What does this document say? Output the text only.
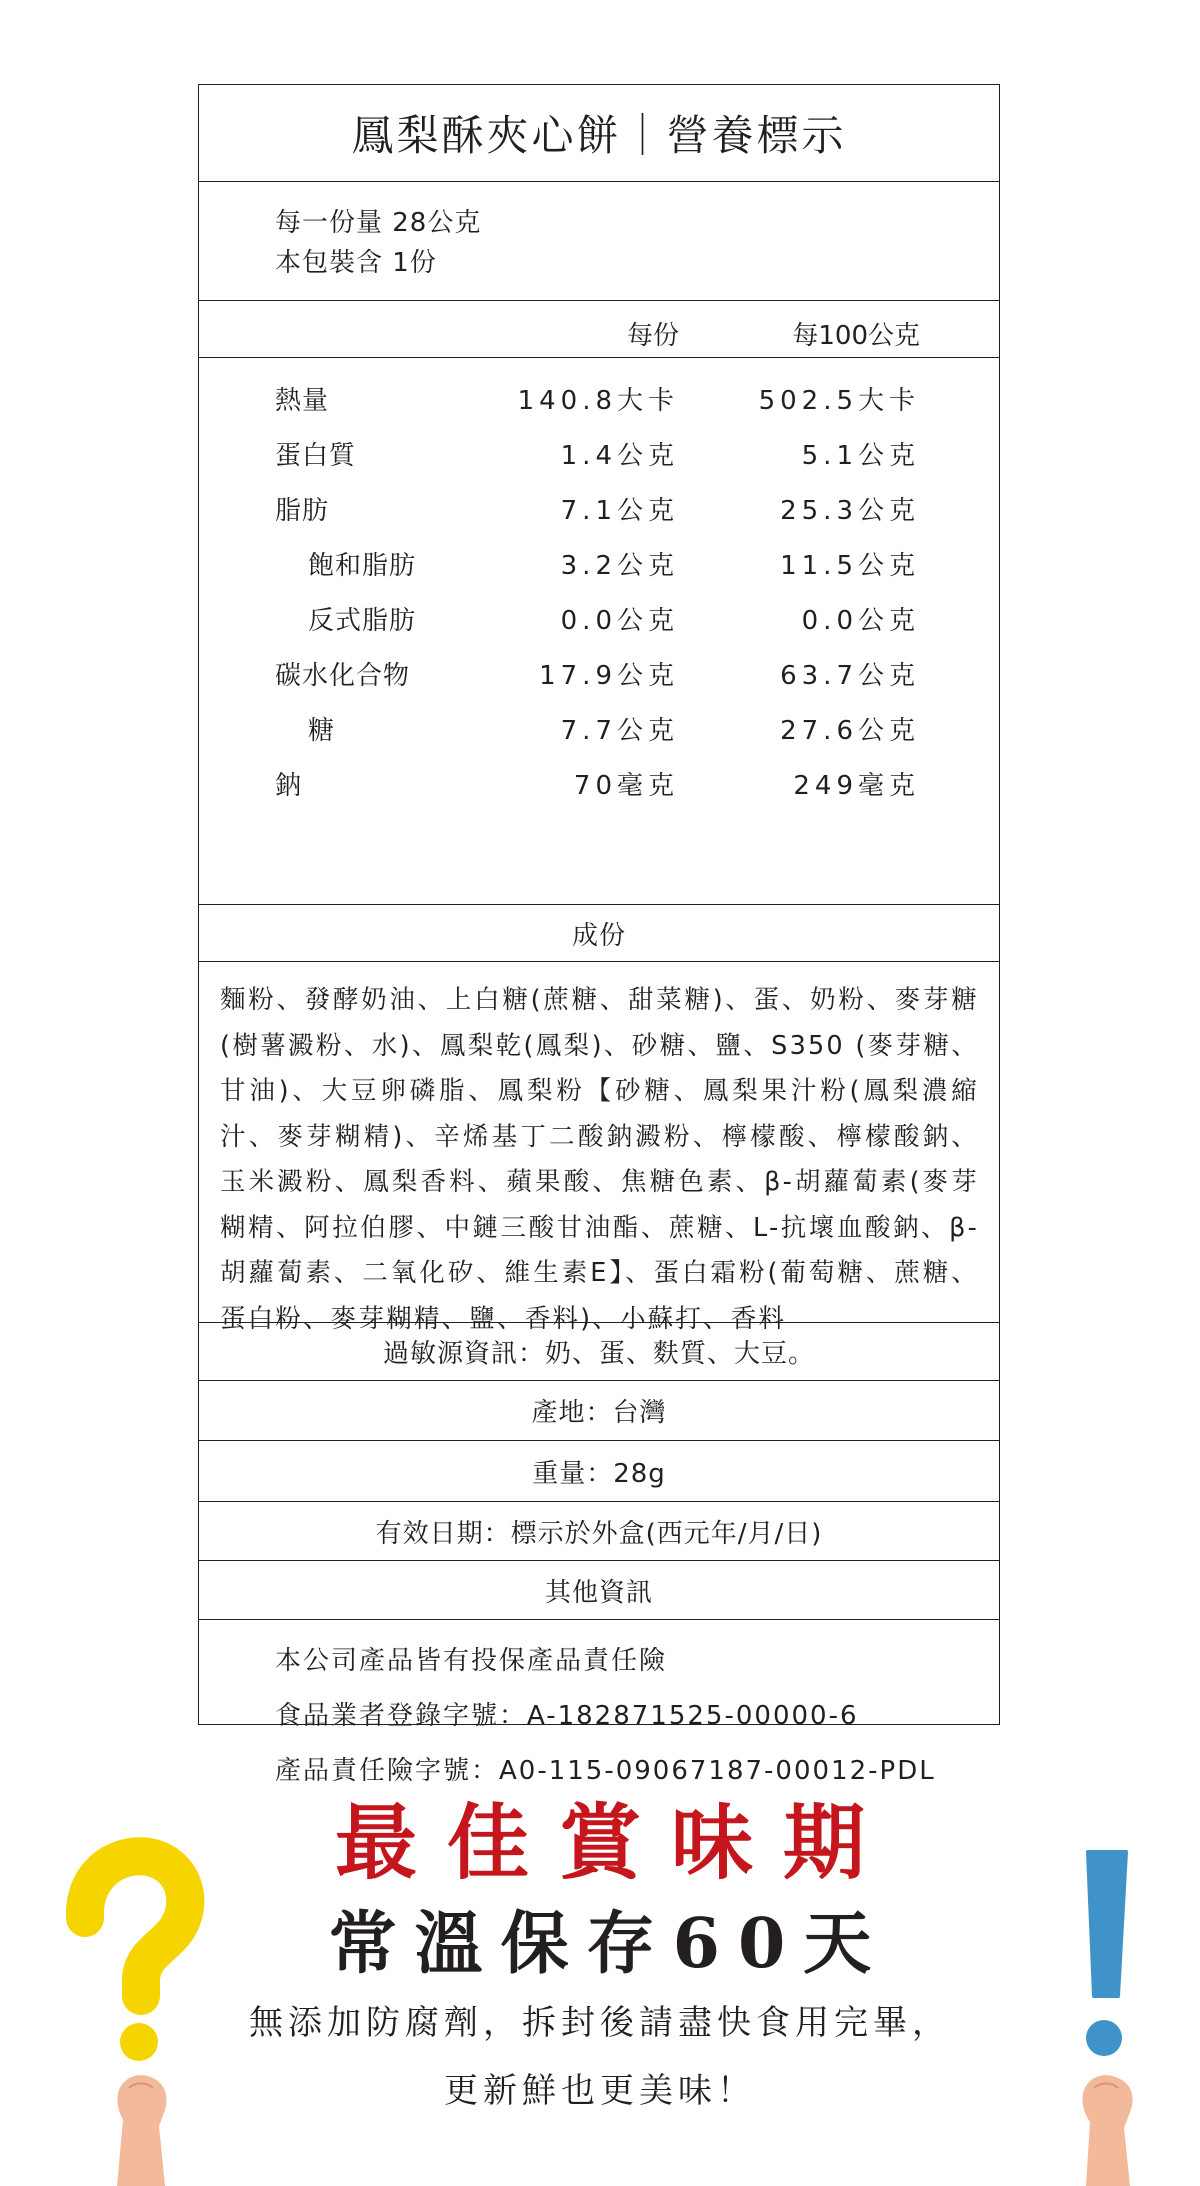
鳳梨酥夾心餅｜營養標示
每一份量 28公克
本包裝含 1份
每份	每100公克
熱量	140.8大卡	502.5大卡
蛋白質	1.4公克	5.1公克
脂肪	7.1公克	25.3公克
飽和脂肪	3.2公克	11.5公克
反式脂肪	0.0公克	0.0公克
碳水化合物	17.9公克	63.7公克
糖	7.7公克	27.6公克
鈉	70毫克	249毫克
成份
麵粉、發酵奶油、上白糖(蔗糖、甜菜糖)、蛋、奶粉、麥芽糖(樹薯澱粉、水)、鳳梨乾(鳳梨)、砂糖、鹽、S350 (麥芽糖、甘油)、大豆卵磷脂、鳳梨粉【砂糖、鳳梨果汁粉(鳳梨濃縮汁、麥芽糊精)、辛烯基丁二酸鈉澱粉、檸檬酸、檸檬酸鈉、玉米澱粉、鳳梨香料、蘋果酸、焦糖色素、β-胡蘿蔔素(麥芽糊精、阿拉伯膠、中鏈三酸甘油酯、蔗糖、L-抗壞血酸鈉、β-胡蘿蔔素、二氧化矽、維生素E】、蛋白霜粉(葡萄糖、蔗糖、蛋白粉、麥芽糊精、鹽、香料)、小蘇打、香料
過敏源資訊：奶、蛋、麩質、大豆。
產地：台灣
重量：28g
有效日期：標示於外盒(西元年/月/日)
其他資訊
本公司產品皆有投保產品責任險
食品業者登錄字號：A-182871525-00000-6
產品責任險字號：A0-115-09067187-00012-PDL
最佳賞味期
常溫保存60天
無添加防腐劑，拆封後請盡快食用完畢，
更新鮮也更美味！
